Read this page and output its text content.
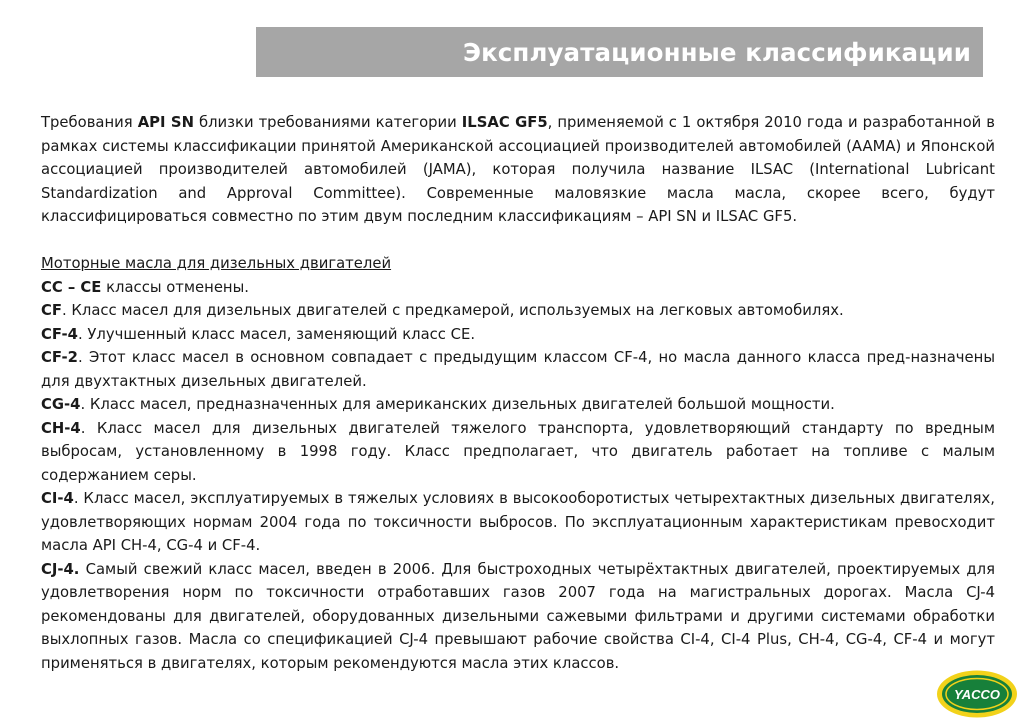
Эксплуатационные классификации

Требования API SN близки требованиями категории ILSAC GF5, применяемой с 1 октября 2010 года и разработанной в рамках системы классификации принятой Американской ассоциацией производителей автомобилей (AAMA) и Японской ассоциацией производителей автомобилей (JAMA), которая получила название ILSAC (International Lubricant Standardization and Approval Committee). Современные маловязкие масла масла, скорее всего, будут классифицироваться совместно по этим двум последним классификациям – API SN и ILSAC GF5.

Моторные масла для дизельных двигателей

CC – CE классы отменены.

CF. Класс масел для дизельных двигателей с предкамерой, используемых на легковых автомобилях.

CF-4. Улучшенный класс масел, заменяющий класс CE.

CF-2. Этот класс масел в основном совпадает с предыдущим классом CF-4, но масла данного класса пред-назначены для двухтактных дизельных двигателей.

CG-4. Класс масел, предназначенных для американских дизельных двигателей большой мощности.

CH-4. Класс масел для дизельных двигателей тяжелого транспорта, удовлетворяющий стандарту по вредным выбросам, установленному в 1998 году. Класс предполагает, что двигатель работает на топливе с малым содержанием серы.

CI-4. Класс масел, эксплуатируемых в тяжелых условиях в высокооборотистых четырехтактных дизельных двигателях, удовлетворяющих нормам 2004 года по токсичности выбросов. По эксплуатационным характеристикам превосходит масла API CH-4, CG-4 и CF-4.

CJ-4. Самый свежий класс масел, введен в 2006. Для быстроходных четырёхтактных двигателей, проектируемых для удовлетворения норм по токсичности отработавших газов 2007 года на магистральных дорогах. Масла CJ-4 рекомендованы для двигателей, оборудованных дизельными сажевыми фильтрами и другими системами обработки выхлопных газов. Масла со спецификацией CJ-4 превышают рабочие свойства CI-4, CI-4 Plus, CH-4, CG-4, CF-4 и могут применяться в двигателях, которым рекомендуются масла этих классов.

YACCO
